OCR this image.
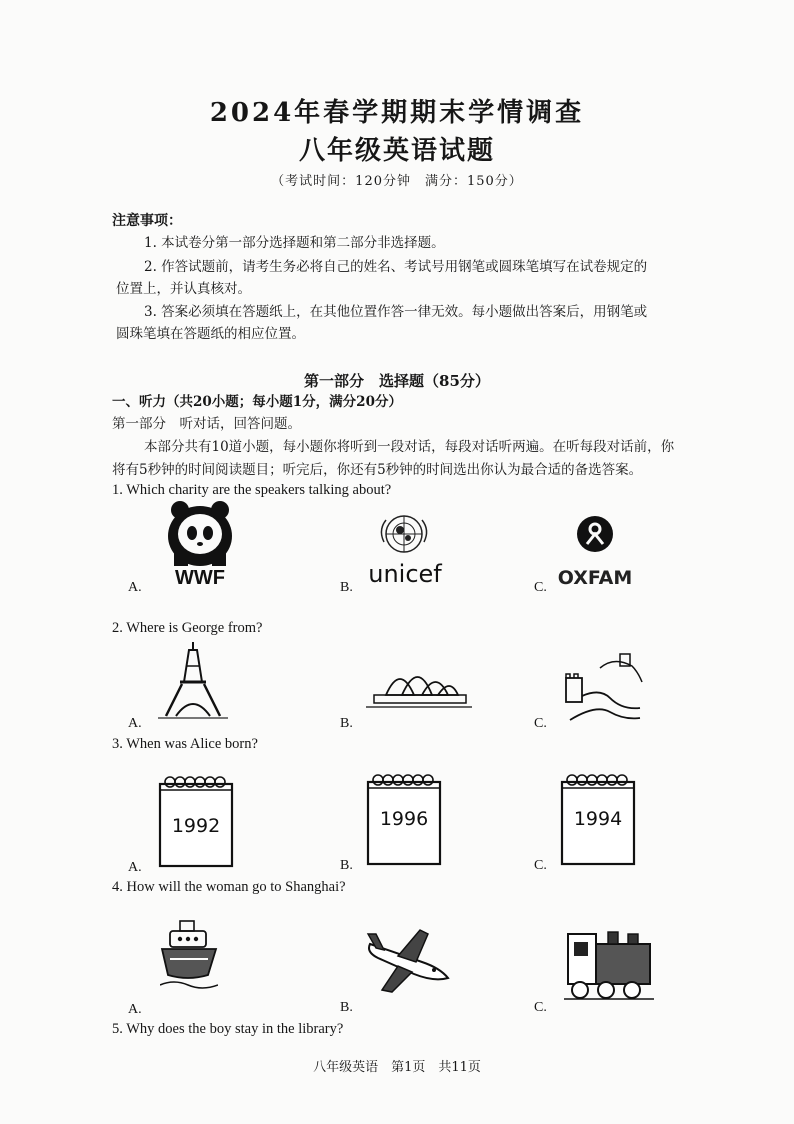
2024年春学期期末学情调查
八年级英语试题
（考试时间：120分钟　满分：150分）
注意事项：
1. 本试卷分第一部分选择题和第二部分非选择题。
2. 作答试题前，请考生务必将自己的姓名、考试号用钢笔或圆珠笔填写在试卷规定的
位置上，并认真核对。
3. 答案必须填在答题纸上，在其他位置作答一律无效。每小题做出答案后，用钢笔或
圆珠笔填在答题纸的相应位置。
第一部分　选择题（85分）
一、听力（共20小题；每小题1分，满分20分）
第一部分　听对话，回答问题。
本部分共有10道小题，每小题你将听到一段对话，每段对话听两遍。在听每段对话前，你
将有5秒钟的时间阅读题目；听完后，你还有5秒钟的时间选出你认为最合适的备选答案。
1. Which charity are the speakers talking about?
A.	B.	C.
WWF	unicef	OXFAM
2. Where is George from?
A.	B.	C.
3. When was Alice born?
A.	B.	C.
1992	1996	1994
4. How will the woman go to Shanghai?
A.	B.	C.
5. Why does the boy stay in the library?
八年级英语　第1页　共11页
